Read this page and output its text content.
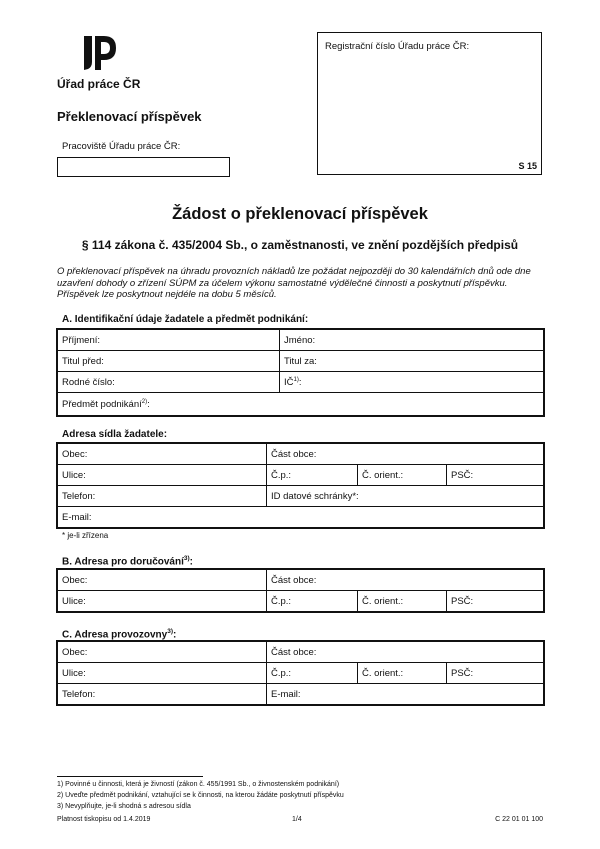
Úřad práce ČR
Překlenovací příspěvek
Pracoviště Úřadu práce ČR:
Registrační číslo Úřadu práce ČR:
S 15
Žádost o překlenovací příspěvek
§ 114 zákona č. 435/2004 Sb., o zaměstnanosti, ve znění pozdějších předpisů
O překlenovací příspěvek na úhradu provozních nákladů lze požádat nejpozději do 30 kalendářních dnů ode dne uzavření dohody o zřízení SÚPM za účelem výkonu samostatné výdělečné činnosti a poskytnutí příspěvku. Příspěvek lze poskytnout nejdéle na dobu 5 měsíců.
A. Identifikační údaje žadatele a předmět podnikání:
Příjmení:	Jméno:
Titul před:	Titul za:
Rodné číslo:	IČ$^{1)}$:
Předmět podnikání$^{2)}$:	
Adresa sídla žadatele:
Obec:	Část obce:		
Ulice:	Č.p.:	Č. orient.:	PSČ:
Telefon:	ID datové schránky*:		
E-mail:			
* je-li zřízena
B. Adresa pro doručování$^{3)}$:
Obec:	Část obce:		
Ulice:	Č.p.:	Č. orient.:	PSČ:
C. Adresa provozovny$^{3)}$:
Obec:	Část obce:		
Ulice:	Č.p.:	Č. orient.:	PSČ:
Telefon:	E-mail:		
1) Povinné u činnosti, která je živností (zákon č. 455/1991 Sb., o živnostenském podnikání)
2) Uveďte předmět podnikání, vztahující se k činnosti, na kterou žádáte poskytnutí příspěvku
3) Nevyplňujte, je-li shodná s adresou sídla
Platnost tiskopisu od 1.4.2019	1/4	C 22 01 01 100
